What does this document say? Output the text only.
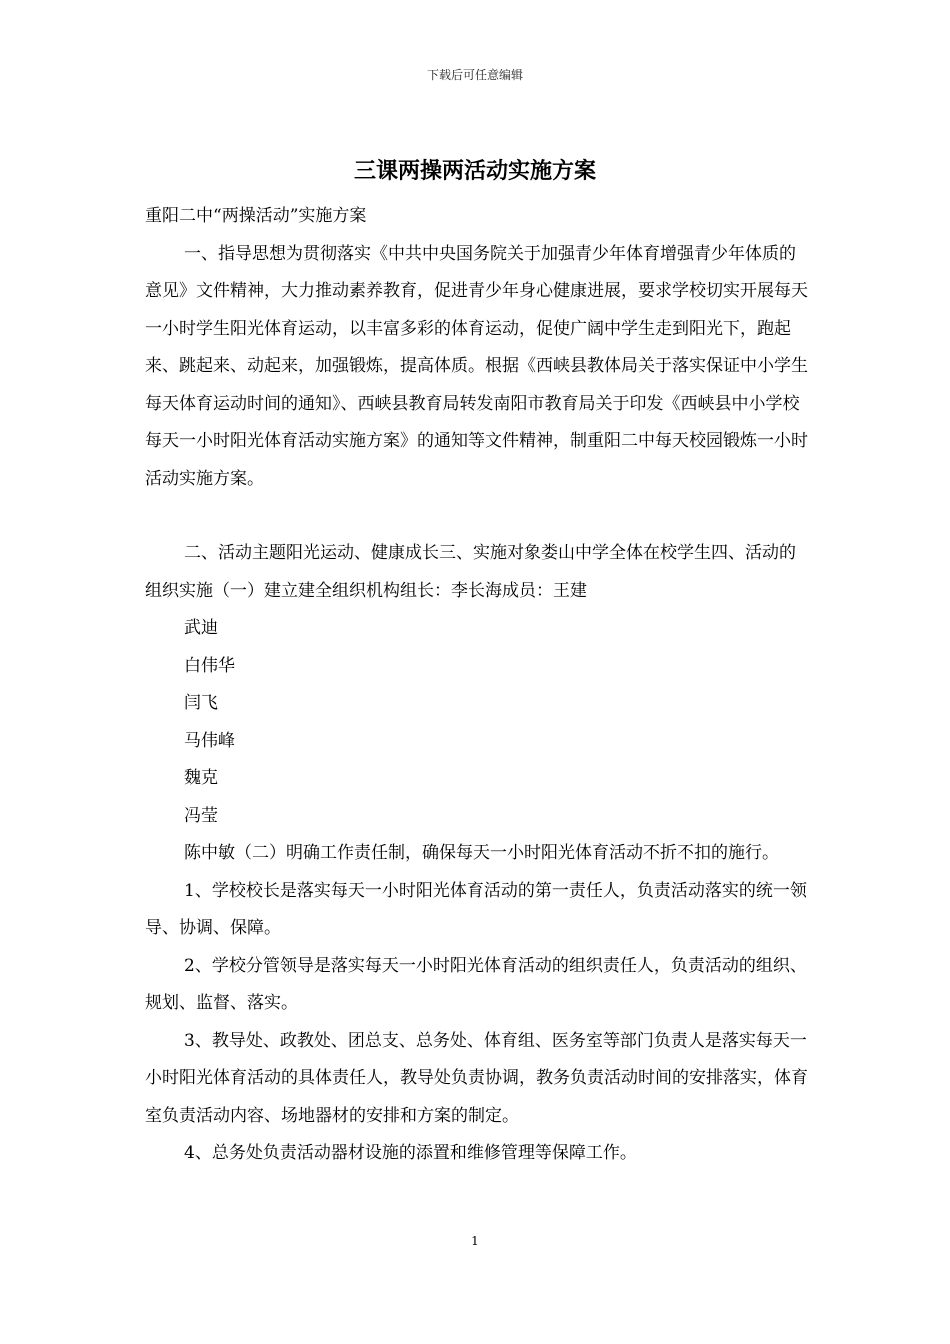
下载后可任意编辑
三课两操两活动实施方案

重阳二中“两操活动”实施方案

一、指导思想为贯彻落实《中共中央国务院关于加强青少年体育增强青少年体质的意见》文件精神，大力推动素养教育，促进青少年身心健康进展，要求学校切实开展每天一小时学生阳光体育运动，以丰富多彩的体育运动，促使广阔中学生走到阳光下，跑起来、跳起来、动起来，加强锻炼，提高体质。根据《西峡县教体局关于落实保证中小学生每天体育运动时间的通知》、西峡县教育局转发南阳市教育局关于印发《西峡县中小学校每天一小时阳光体育活动实施方案》的通知等文件精神，制重阳二中每天校园锻炼一小时活动实施方案。

二、活动主题阳光运动、健康成长三、实施对象娄山中学全体在校学生四、活动的组织实施（一）建立建全组织机构组长：李长海成员：王建

武迪

白伟华

闫飞

马伟峰

魏克

冯莹

陈中敏（二）明确工作责任制，确保每天一小时阳光体育活动不折不扣的施行。

1、学校校长是落实每天一小时阳光体育活动的第一责任人，负责活动落实的统一领导、协调、保障。

2、学校分管领导是落实每天一小时阳光体育活动的组织责任人，负责活动的组织、规划、监督、落实。

3、教导处、政教处、团总支、总务处、体育组、医务室等部门负责人是落实每天一小时阳光体育活动的具体责任人，教导处负责协调，教务负责活动时间的安排落实，体育室负责活动内容、场地器材的安排和方案的制定。

4、总务处负责活动器材设施的添置和维修管理等保障工作。

1
